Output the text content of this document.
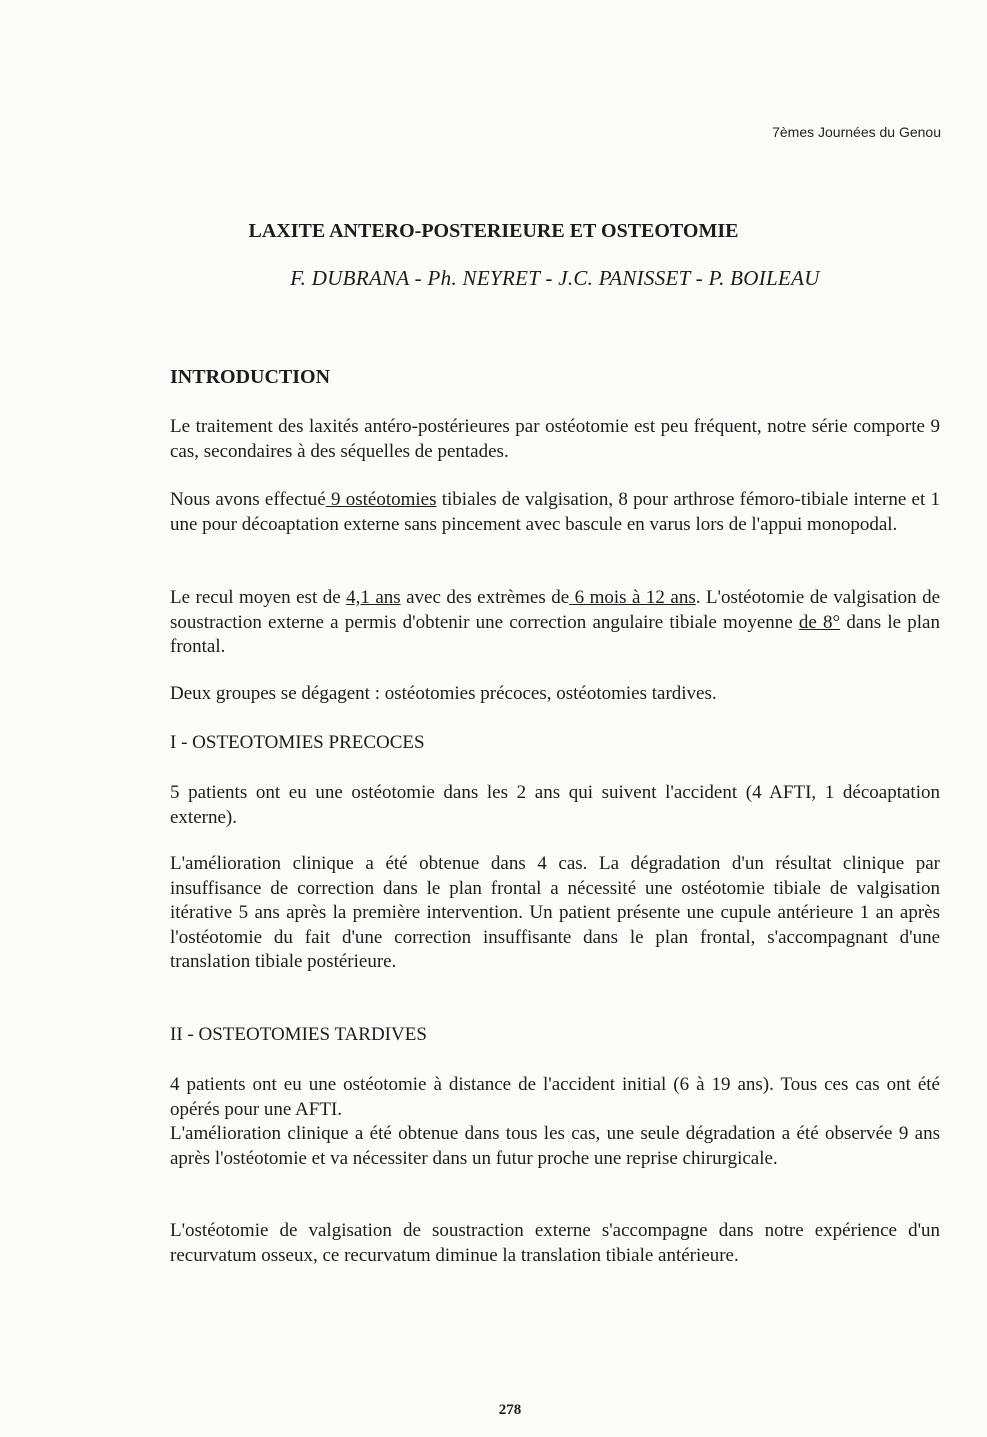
7èmes Journées du Genou
LAXITE ANTERO-POSTERIEURE ET OSTEOTOMIE
F. DUBRANA - Ph. NEYRET - J.C. PANISSET - P. BOILEAU
INTRODUCTION

Le traitement des laxités antéro-postérieures par ostéotomie est peu fréquent, notre série comporte 9 cas, secondaires à des séquelles de pentades.

Nous avons effectué 9 ostéotomies tibiales de valgisation, 8 pour arthrose fémoro-tibiale interne et 1 une pour décoaptation externe sans pincement avec bascule en varus lors de l'appui monopodal.

Le recul moyen est de 4,1 ans avec des extrèmes de 6 mois à 12 ans. L'ostéotomie de valgisation de soustraction externe a permis d'obtenir une correction angulaire tibiale moyenne de 8° dans le plan frontal.

Deux groupes se dégagent : ostéotomies précoces, ostéotomies tardives.

I - OSTEOTOMIES PRECOCES

5 patients ont eu une ostéotomie dans les 2 ans qui suivent l'accident (4 AFTI, 1 décoaptation externe).

L'amélioration clinique a été obtenue dans 4 cas. La dégradation d'un résultat clinique par insuffisance de correction dans le plan frontal a nécessité une ostéotomie tibiale de valgisation itérative 5 ans après la première intervention. Un patient présente une cupule antérieure 1 an après l'ostéotomie du fait d'une correction insuffisante dans le plan frontal, s'accompagnant d'une translation tibiale postérieure.

II - OSTEOTOMIES TARDIVES

4 patients ont eu une ostéotomie à distance de l'accident initial (6 à 19 ans). Tous ces cas ont été opérés pour une AFTI.

L'amélioration clinique a été obtenue dans tous les cas, une seule dégradation a été observée 9 ans après l'ostéotomie et va nécessiter dans un futur proche une reprise chirurgicale.

L'ostéotomie de valgisation de soustraction externe s'accompagne dans notre expérience d'un recurvatum osseux, ce recurvatum diminue la translation tibiale antérieure.

278
